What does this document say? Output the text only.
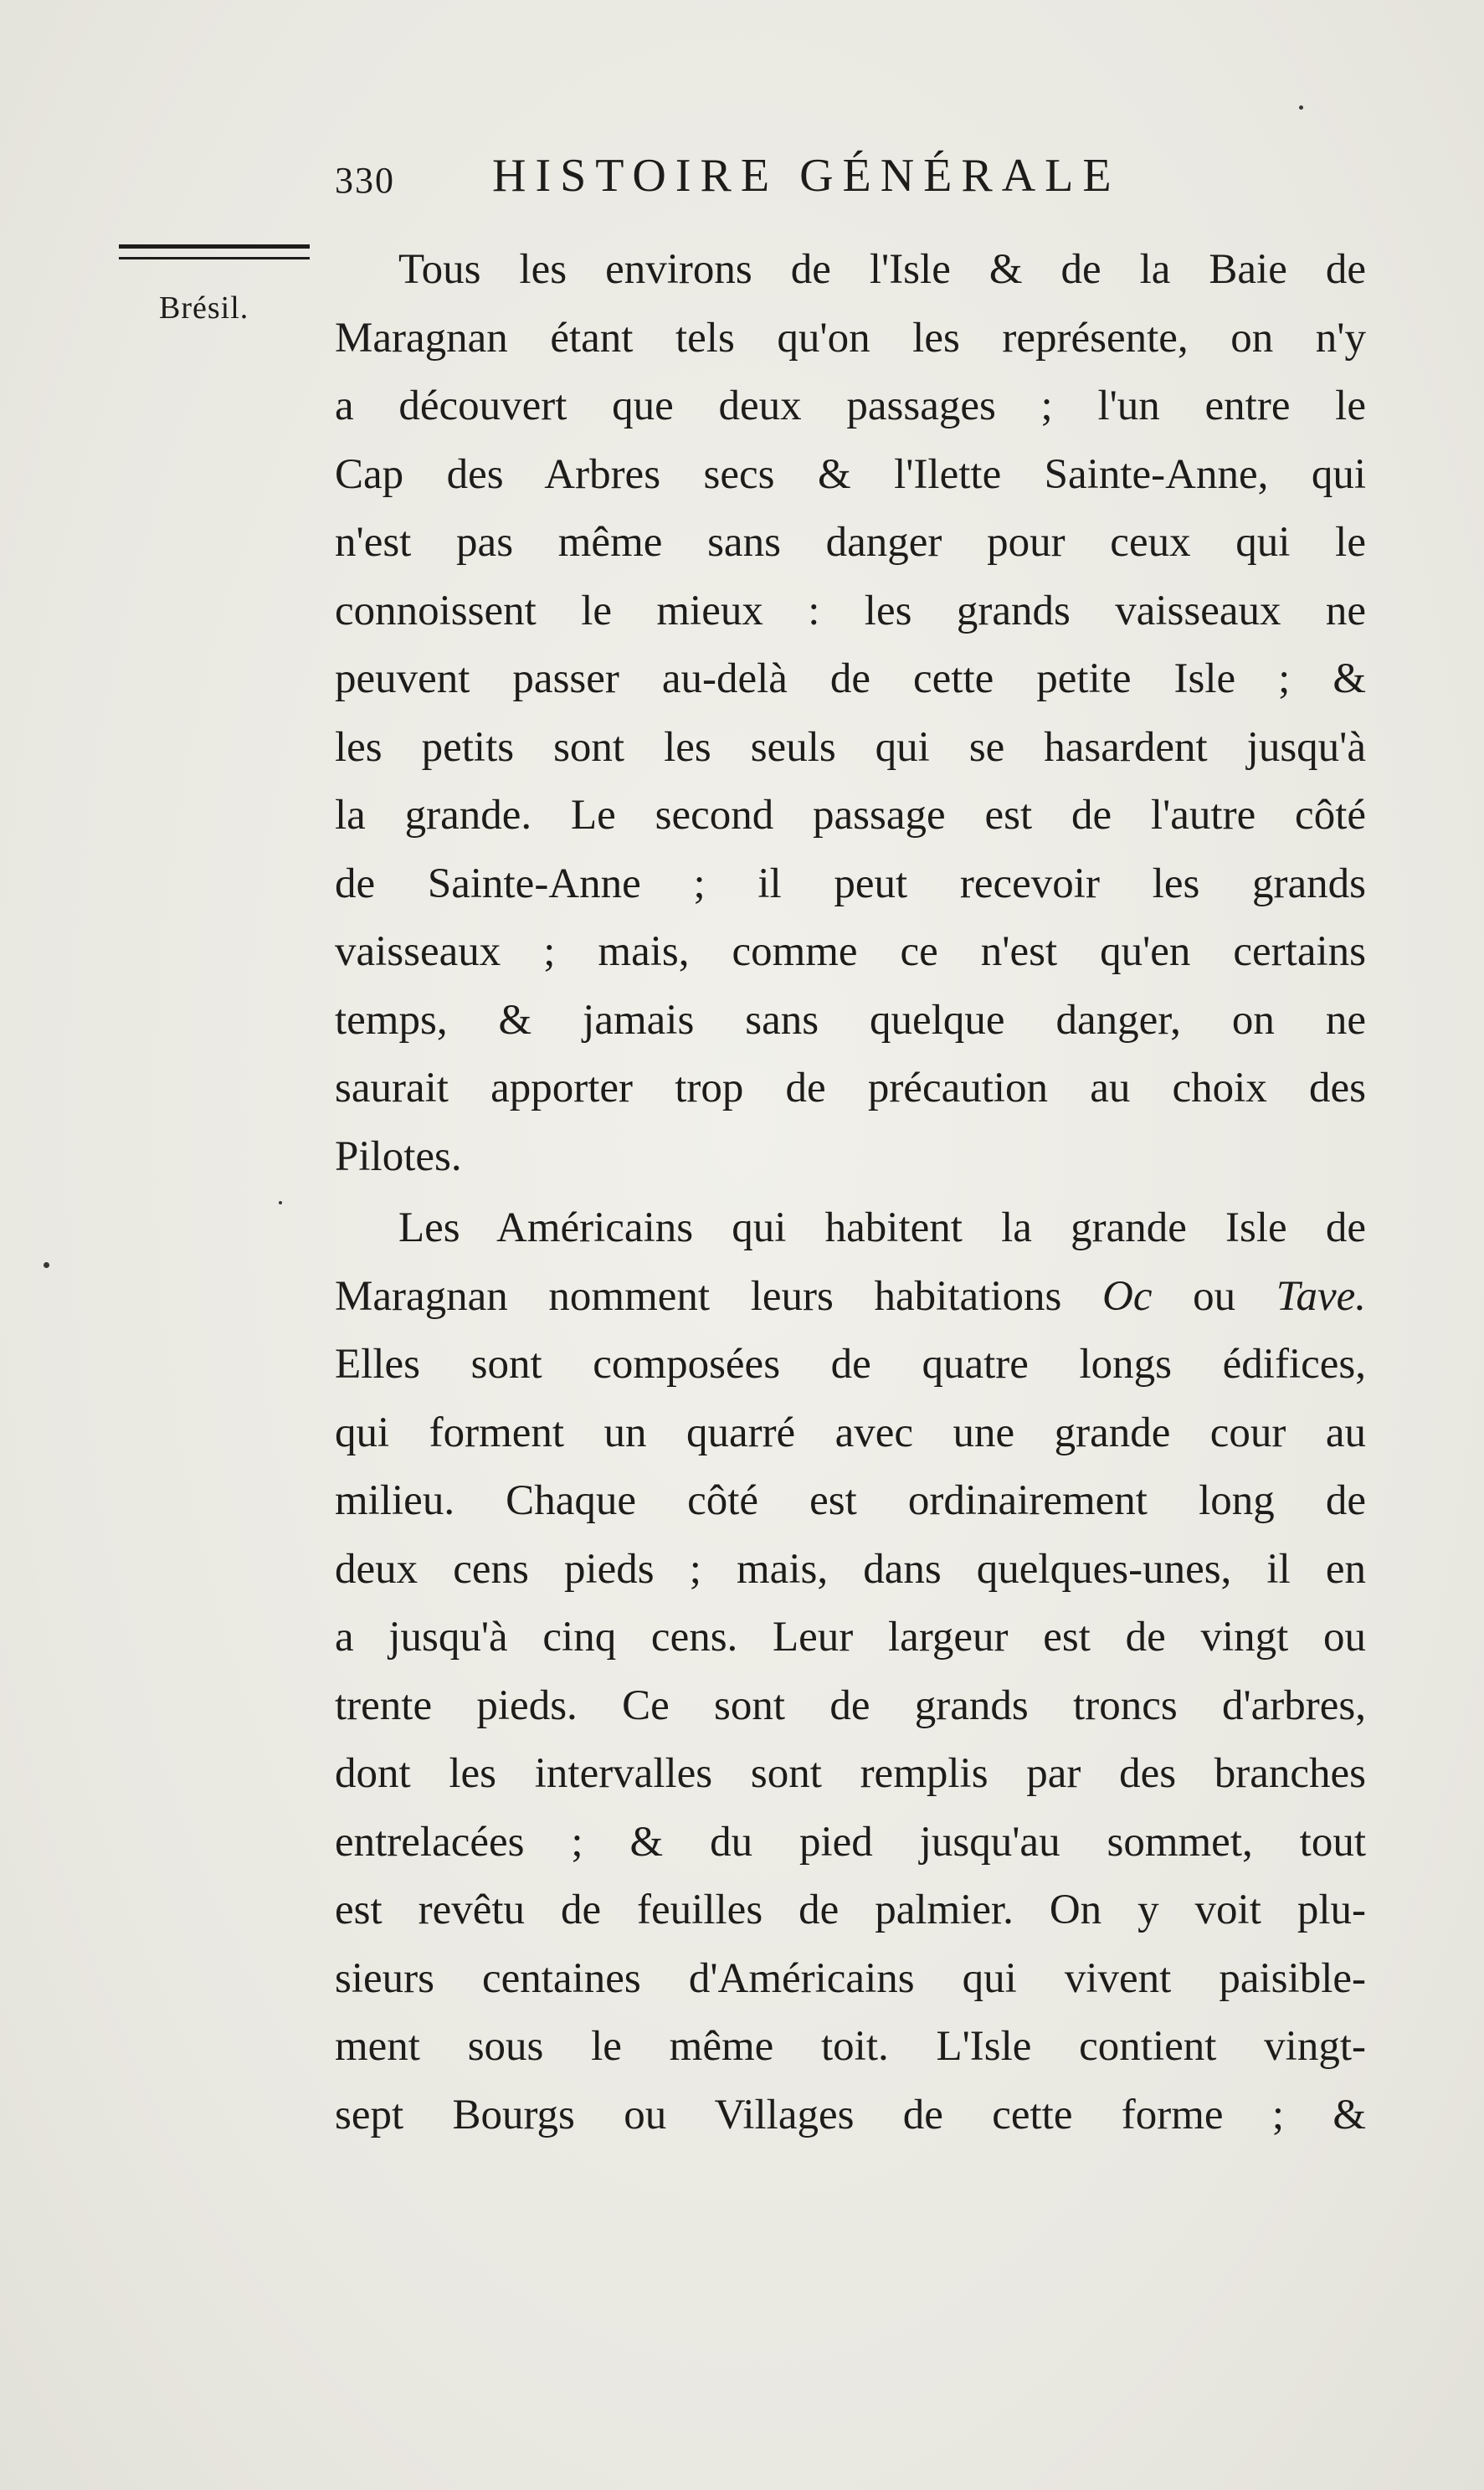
330 HISTOIRE GÉNÉRALE
Brésil.
Tous les environs de l'Isle & de la Baie de
Maragnan étant tels qu'on les représente, on n'y
a découvert que deux passages ; l'un entre le
Cap des Arbres secs & l'Ilette Sainte-Anne, qui
n'est pas même sans danger pour ceux qui le
connoissent le mieux : les grands vaisseaux ne
peuvent passer au-delà de cette petite Isle ; &
les petits sont les seuls qui se hasardent jusqu'à
la grande. Le second passage est de l'autre côté
de Sainte-Anne ; il peut recevoir les grands
vaisseaux ; mais, comme ce n'est qu'en certains
temps, & jamais sans quelque danger, on ne
saurait apporter trop de précaution au choix des
Pilotes.
Les Américains qui habitent la grande Isle de
Maragnan nomment leurs habitations Oc ou Tave.
Elles sont composées de quatre longs édifices,
qui forment un quarré avec une grande cour au
milieu. Chaque côté est ordinairement long de
deux cens pieds ; mais, dans quelques-unes, il en
a jusqu'à cinq cens. Leur largeur est de vingt ou
trente pieds. Ce sont de grands troncs d'arbres,
dont les intervalles sont remplis par des branches
entrelacées ; & du pied jusqu'au sommet, tout
est revêtu de feuilles de palmier. On y voit plu-
sieurs centaines d'Américains qui vivent paisible-
ment sous le même toit. L'Isle contient vingt-
sept Bourgs ou Villages de cette forme ; &
